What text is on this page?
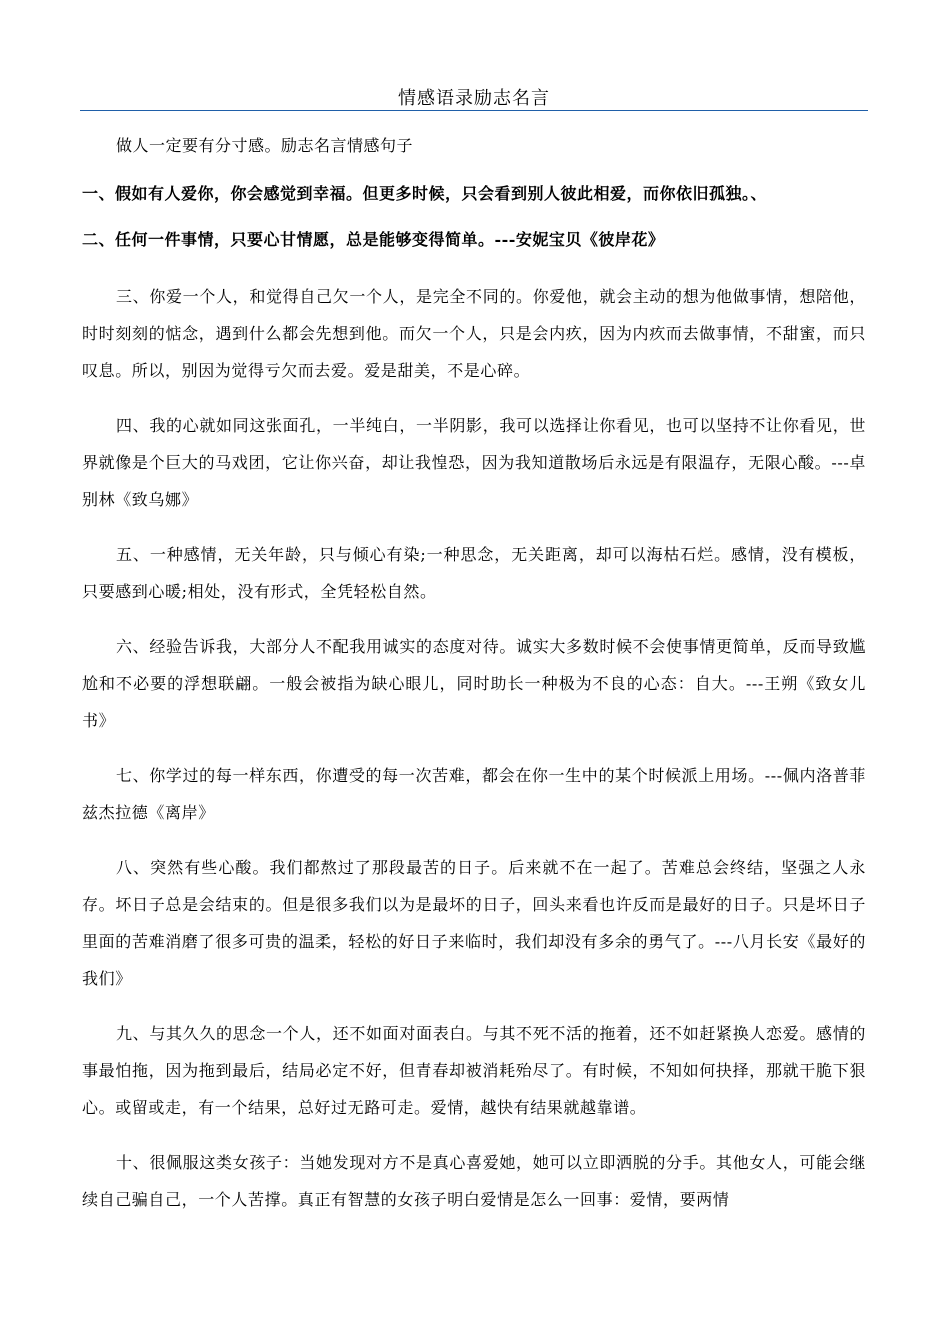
情感语录励志名言

做人一定要有分寸感。励志名言情感句子

一、假如有人爱你，你会感觉到幸福。但更多时候，只会看到别人彼此相爱，而你依旧孤独。、

二、任何一件事情，只要心甘情愿，总是能够变得简单。---安妮宝贝《彼岸花》

三、你爱一个人，和觉得自己欠一个人，是完全不同的。你爱他，就会主动的想为他做事情，想陪他，时时刻刻的惦念，遇到什么都会先想到他。而欠一个人，只是会内疚，因为内疚而去做事情，不甜蜜，而只叹息。所以，别因为觉得亏欠而去爱。爱是甜美，不是心碎。

四、我的心就如同这张面孔，一半纯白，一半阴影，我可以选择让你看见，也可以坚持不让你看见，世界就像是个巨大的马戏团，它让你兴奋，却让我惶恐，因为我知道散场后永远是有限温存，无限心酸。---卓别林《致乌娜》

五、一种感情，无关年龄，只与倾心有染;一种思念，无关距离，却可以海枯石烂。感情，没有模板，只要感到心暖;相处，没有形式，全凭轻松自然。

六、经验告诉我，大部分人不配我用诚实的态度对待。诚实大多数时候不会使事情更简单，反而导致尴尬和不必要的浮想联翩。一般会被指为缺心眼儿，同时助长一种极为不良的心态：自大。---王朔《致女儿书》

七、你学过的每一样东西，你遭受的每一次苦难，都会在你一生中的某个时候派上用场。---佩内洛普菲兹杰拉德《离岸》

八、突然有些心酸。我们都熬过了那段最苦的日子。后来就不在一起了。苦难总会终结，坚强之人永存。坏日子总是会结束的。但是很多我们以为是最坏的日子，回头来看也许反而是最好的日子。只是坏日子里面的苦难消磨了很多可贵的温柔，轻松的好日子来临时，我们却没有多余的勇气了。---八月长安《最好的我们》

九、与其久久的思念一个人，还不如面对面表白。与其不死不活的拖着，还不如赶紧换人恋爱。感情的事最怕拖，因为拖到最后，结局必定不好，但青春却被消耗殆尽了。有时候，不知如何抉择，那就干脆下狠心。或留或走，有一个结果，总好过无路可走。爱情，越快有结果就越靠谱。

十、很佩服这类女孩子：当她发现对方不是真心喜爱她，她可以立即洒脱的分手。其他女人，可能会继续自己骗自己，一个人苦撑。真正有智慧的女孩子明白爱情是怎么一回事：爱情，要两情
